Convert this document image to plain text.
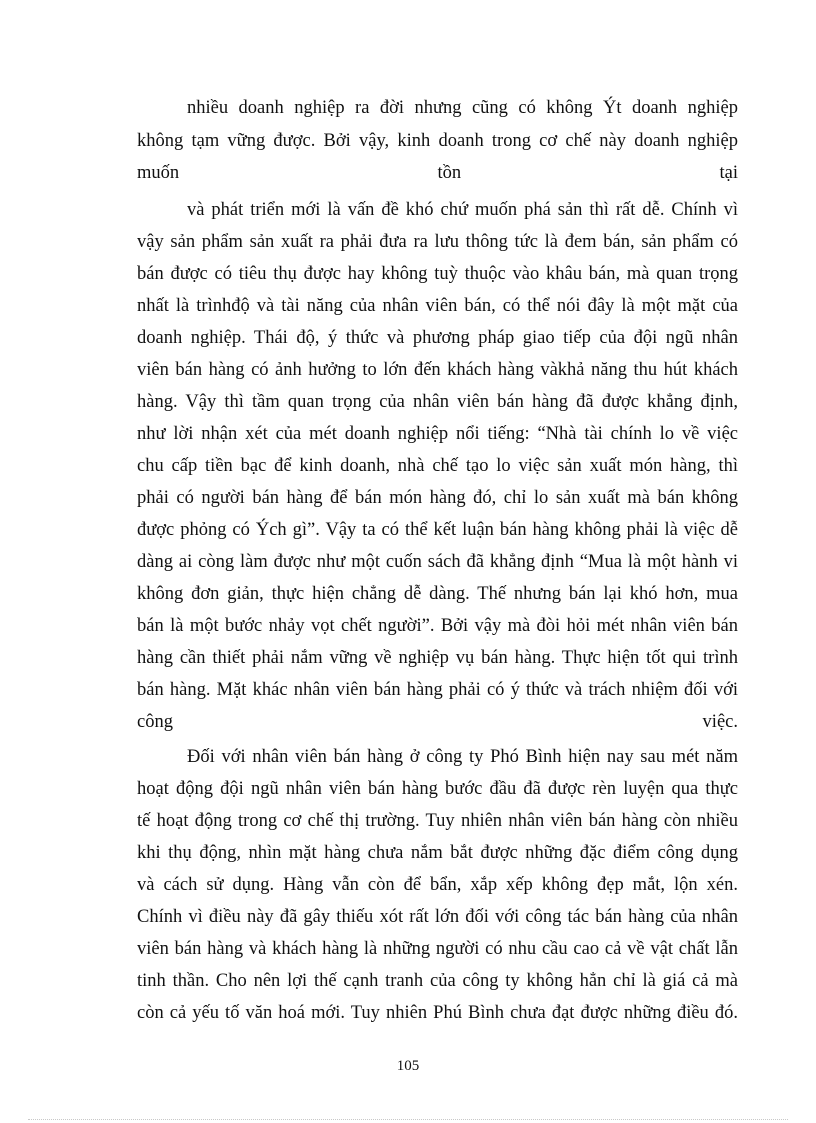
nhiều doanh nghiệp ra đời nhưng cũng có không Ýt doanh nghiệp
không tạm vững được. Bởi vậy, kinh doanh trong cơ chế này doanh nghiệp
muốn tồn tại
và phát triển mới là vấn đề khó chứ muốn phá sản thì rất dễ. Chính vì
vậy sản phẩm sản xuất ra phải đưa ra lưu thông tức là đem bán, sản phẩm có
bán được có tiêu thụ được hay không tuỳ thuộc vào khâu bán, mà quan trọng
nhất là trìnhđộ và tài năng của nhân viên bán, có thể nói đây là một mặt của
doanh nghiệp. Thái độ, ý thức và phương pháp giao tiếp của đội ngũ nhân
viên bán hàng có ảnh hưởng to lớn đến khách hàng vàkhả năng thu hút khách
hàng. Vậy thì tầm quan trọng của nhân viên bán hàng đã được khẳng định,
như lời nhận xét của mét doanh nghiệp nổi tiếng: “Nhà tài chính lo về việc
chu cấp tiền bạc để kinh doanh, nhà chế tạo lo việc sản xuất món hàng, thì
phải có người bán hàng để bán món hàng đó, chỉ lo sản xuất mà bán không
được phỏng có Ých gì”. Vậy ta có thể kết luận bán hàng không phải là việc dễ
dàng ai còng làm được như một cuốn sách đã khẳng định “Mua là một hành vi
không đơn giản, thực hiện chẳng dễ dàng. Thế nhưng bán lại khó hơn, mua
bán là một bước nhảy vọt chết người”. Bởi vậy mà đòi hỏi mét nhân viên bán
hàng cần thiết phải nắm vững về nghiệp vụ bán hàng. Thực hiện tốt qui trình
bán hàng. Mặt khác nhân viên bán hàng phải có ý thức và trách nhiệm đối với
công việc.
Đối với nhân viên bán hàng ở công ty Phó Bình hiện nay sau mét năm
hoạt động đội ngũ nhân viên bán hàng bước đầu đã được rèn luyện qua thực
tế hoạt động trong cơ chế thị trường. Tuy nhiên nhân viên bán hàng còn nhiều
khi thụ động, nhìn mặt hàng chưa nắm bắt được những đặc điểm công dụng
và cách sử dụng. Hàng vẫn còn để bẩn, xắp xếp không đẹp mắt, lộn xén.
Chính vì điều này đã gây thiếu xót rất lớn đối với công tác bán hàng của nhân
viên bán hàng và khách hàng là những người có nhu cầu cao cả về vật chất lẫn
tinh thần. Cho nên lợi thế cạnh tranh của công ty không hẳn chỉ là giá cả mà
còn cả yếu tố văn hoá mới. Tuy nhiên Phú Bình chưa đạt được những điều đó.
105
